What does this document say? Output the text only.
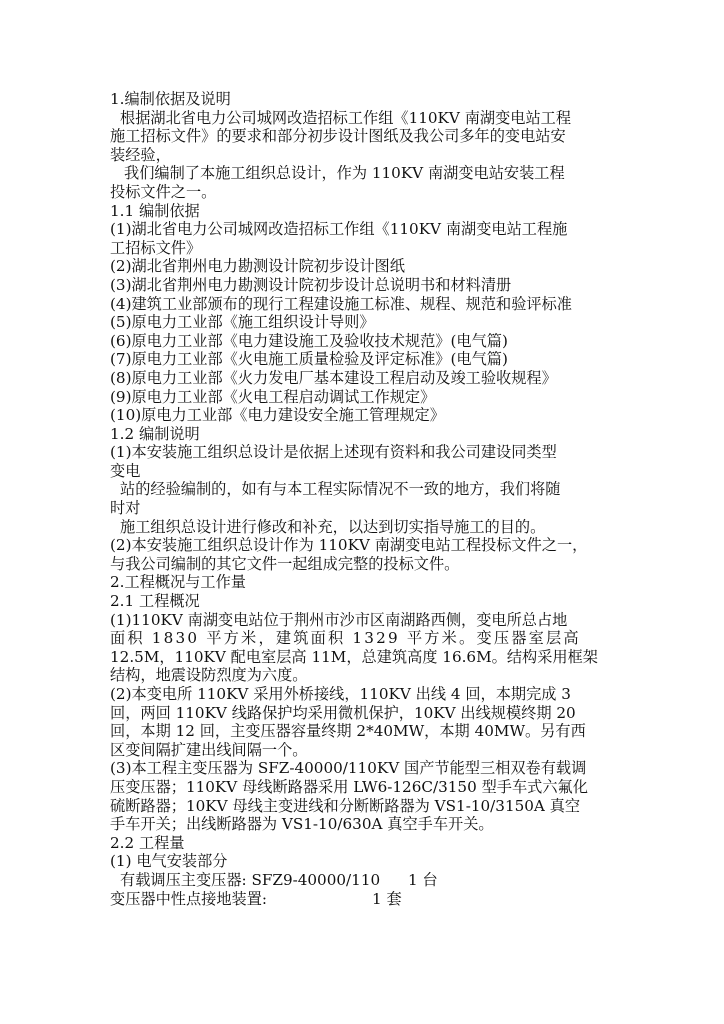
1.编制依据及说明
根据湖北省电力公司城网改造招标工作组《110KV 南湖变电站工程
施工招标文件》的要求和部分初步设计图纸及我公司多年的变电站安
装经验，
我们编制了本施工组织总设计，作为 110KV 南湖变电站安装工程
投标文件之一。
1.1 编制依据
(1)湖北省电力公司城网改造招标工作组《110KV 南湖变电站工程施
工招标文件》
(2)湖北省荆州电力勘测设计院初步设计图纸
(3)湖北省荆州电力勘测设计院初步设计总说明书和材料清册
(4)建筑工业部颁布的现行工程建设施工标准、规程、规范和验评标准
(5)原电力工业部《施工组织设计导则》
(6)原电力工业部《电力建设施工及验收技术规范》(电气篇)
(7)原电力工业部《火电施工质量检验及评定标准》(电气篇)
(8)原电力工业部《火力发电厂基本建设工程启动及竣工验收规程》
(9)原电力工业部《火电工程启动调试工作规定》
(10)原电力工业部《电力建设安全施工管理规定》
1.2 编制说明
(1)本安装施工组织总设计是依据上述现有资料和我公司建设同类型
变电
站的经验编制的，如有与本工程实际情况不一致的地方，我们将随
时对
施工组织总设计进行修改和补充，以达到切实指导施工的目的。
(2)本安装施工组织总设计作为 110KV 南湖变电站工程投标文件之一，
与我公司编制的其它文件一起组成完整的投标文件。
2.工程概况与工作量
2.1 工程概况
(1)110KV 南湖变电站位于荆州市沙市区南湖路西侧，变电所总占地
面积 1830 平方米，建筑面积 1329 平方米。变压器室层高
12.5M，110KV 配电室层高 11M，总建筑高度 16.6M。结构采用框架
结构，地震设防烈度为六度。
(2)本变电所 110KV 采用外桥接线，110KV 出线 4 回，本期完成 3
回，两回 110KV 线路保护均采用微机保护，10KV 出线规模终期 20
回，本期 12 回，主变压器容量终期 2*40MW，本期 40MW。另有西
区变间隔扩建出线间隔一个。
(3)本工程主变压器为 SFZ-40000/110KV 国产节能型三相双卷有载调
压变压器；110KV 母线断路器采用 LW6-126C/3150 型手车式六氟化
硫断路器；10KV 母线主变进线和分断断路器为 VS1-10/3150A 真空
手车开关；出线断路器为 VS1-10/630A 真空手车开关。
2.2 工程量
(1) 电气安装部分
有载调压主变压器: SFZ9-40000/110 1 台
变压器中性点接地装置:	1 套
